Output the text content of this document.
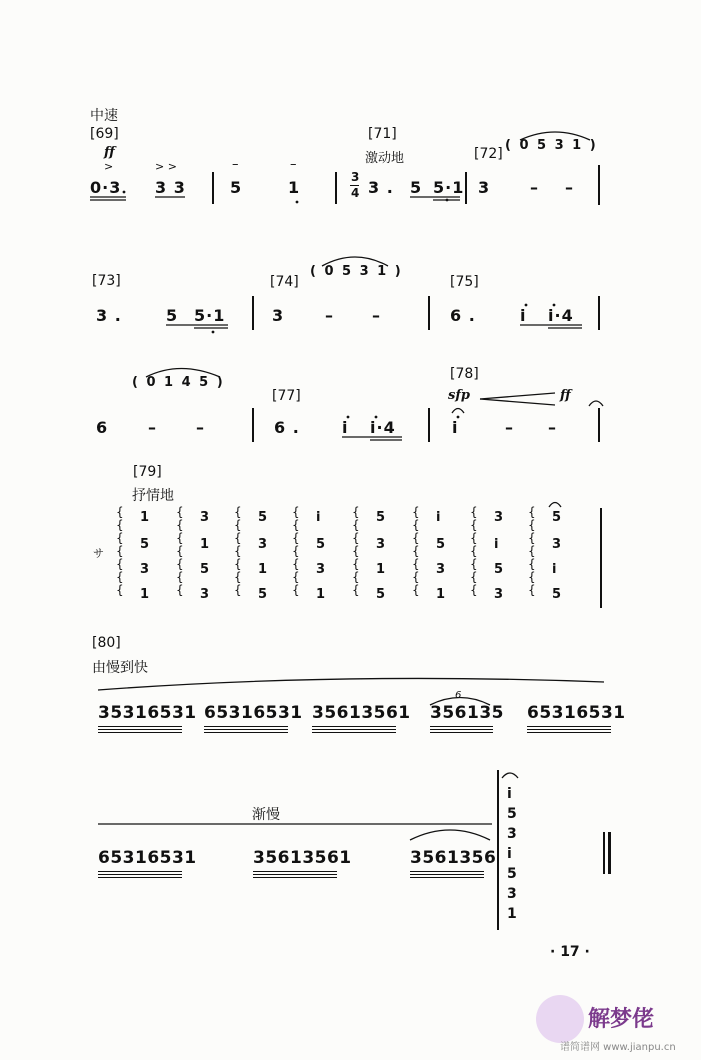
中速
[69]
ff
>	> >
0·3 3 3	5
–
1
–
[71]
激动地
3
4 3 . 5 5·1
[72]
( 0 5 3 1 )
3 – –
[73]
3 .	5 5·1
[74]
( 0 5 3 1 )
3	– –
[75]
6 .	i i·4
( 0 1 4 5 )
6 – –
[77]
6 .	i i·4
[78]
sfp	ff
i	– –
[79]
抒情地
サ
{
{
{
{
{
{
{
1
5
3
1
{
{
{
{
{
{
{
3
1
5
3
{
{
{
{
{
{
{
5
3
1
5
{
{
{
{
{
{
{
i
5
3
1
{
{
{
{
{
{
{
5
3
1
5
{
{
{
{
{
{
{
i
5
3
1
{
{
{
{
{
{
{
3
i
5
3
{
{
{
{
{
{
{
5
3
i
5
[80]
由慢到快
35316531 65316531 35613561 356135 65316531
6
渐慢
65316531	35613561	3561356
i
5
3
i
5
3
1
· 17 ·
解梦佬
谱简谱网 www.jianpu.cn
